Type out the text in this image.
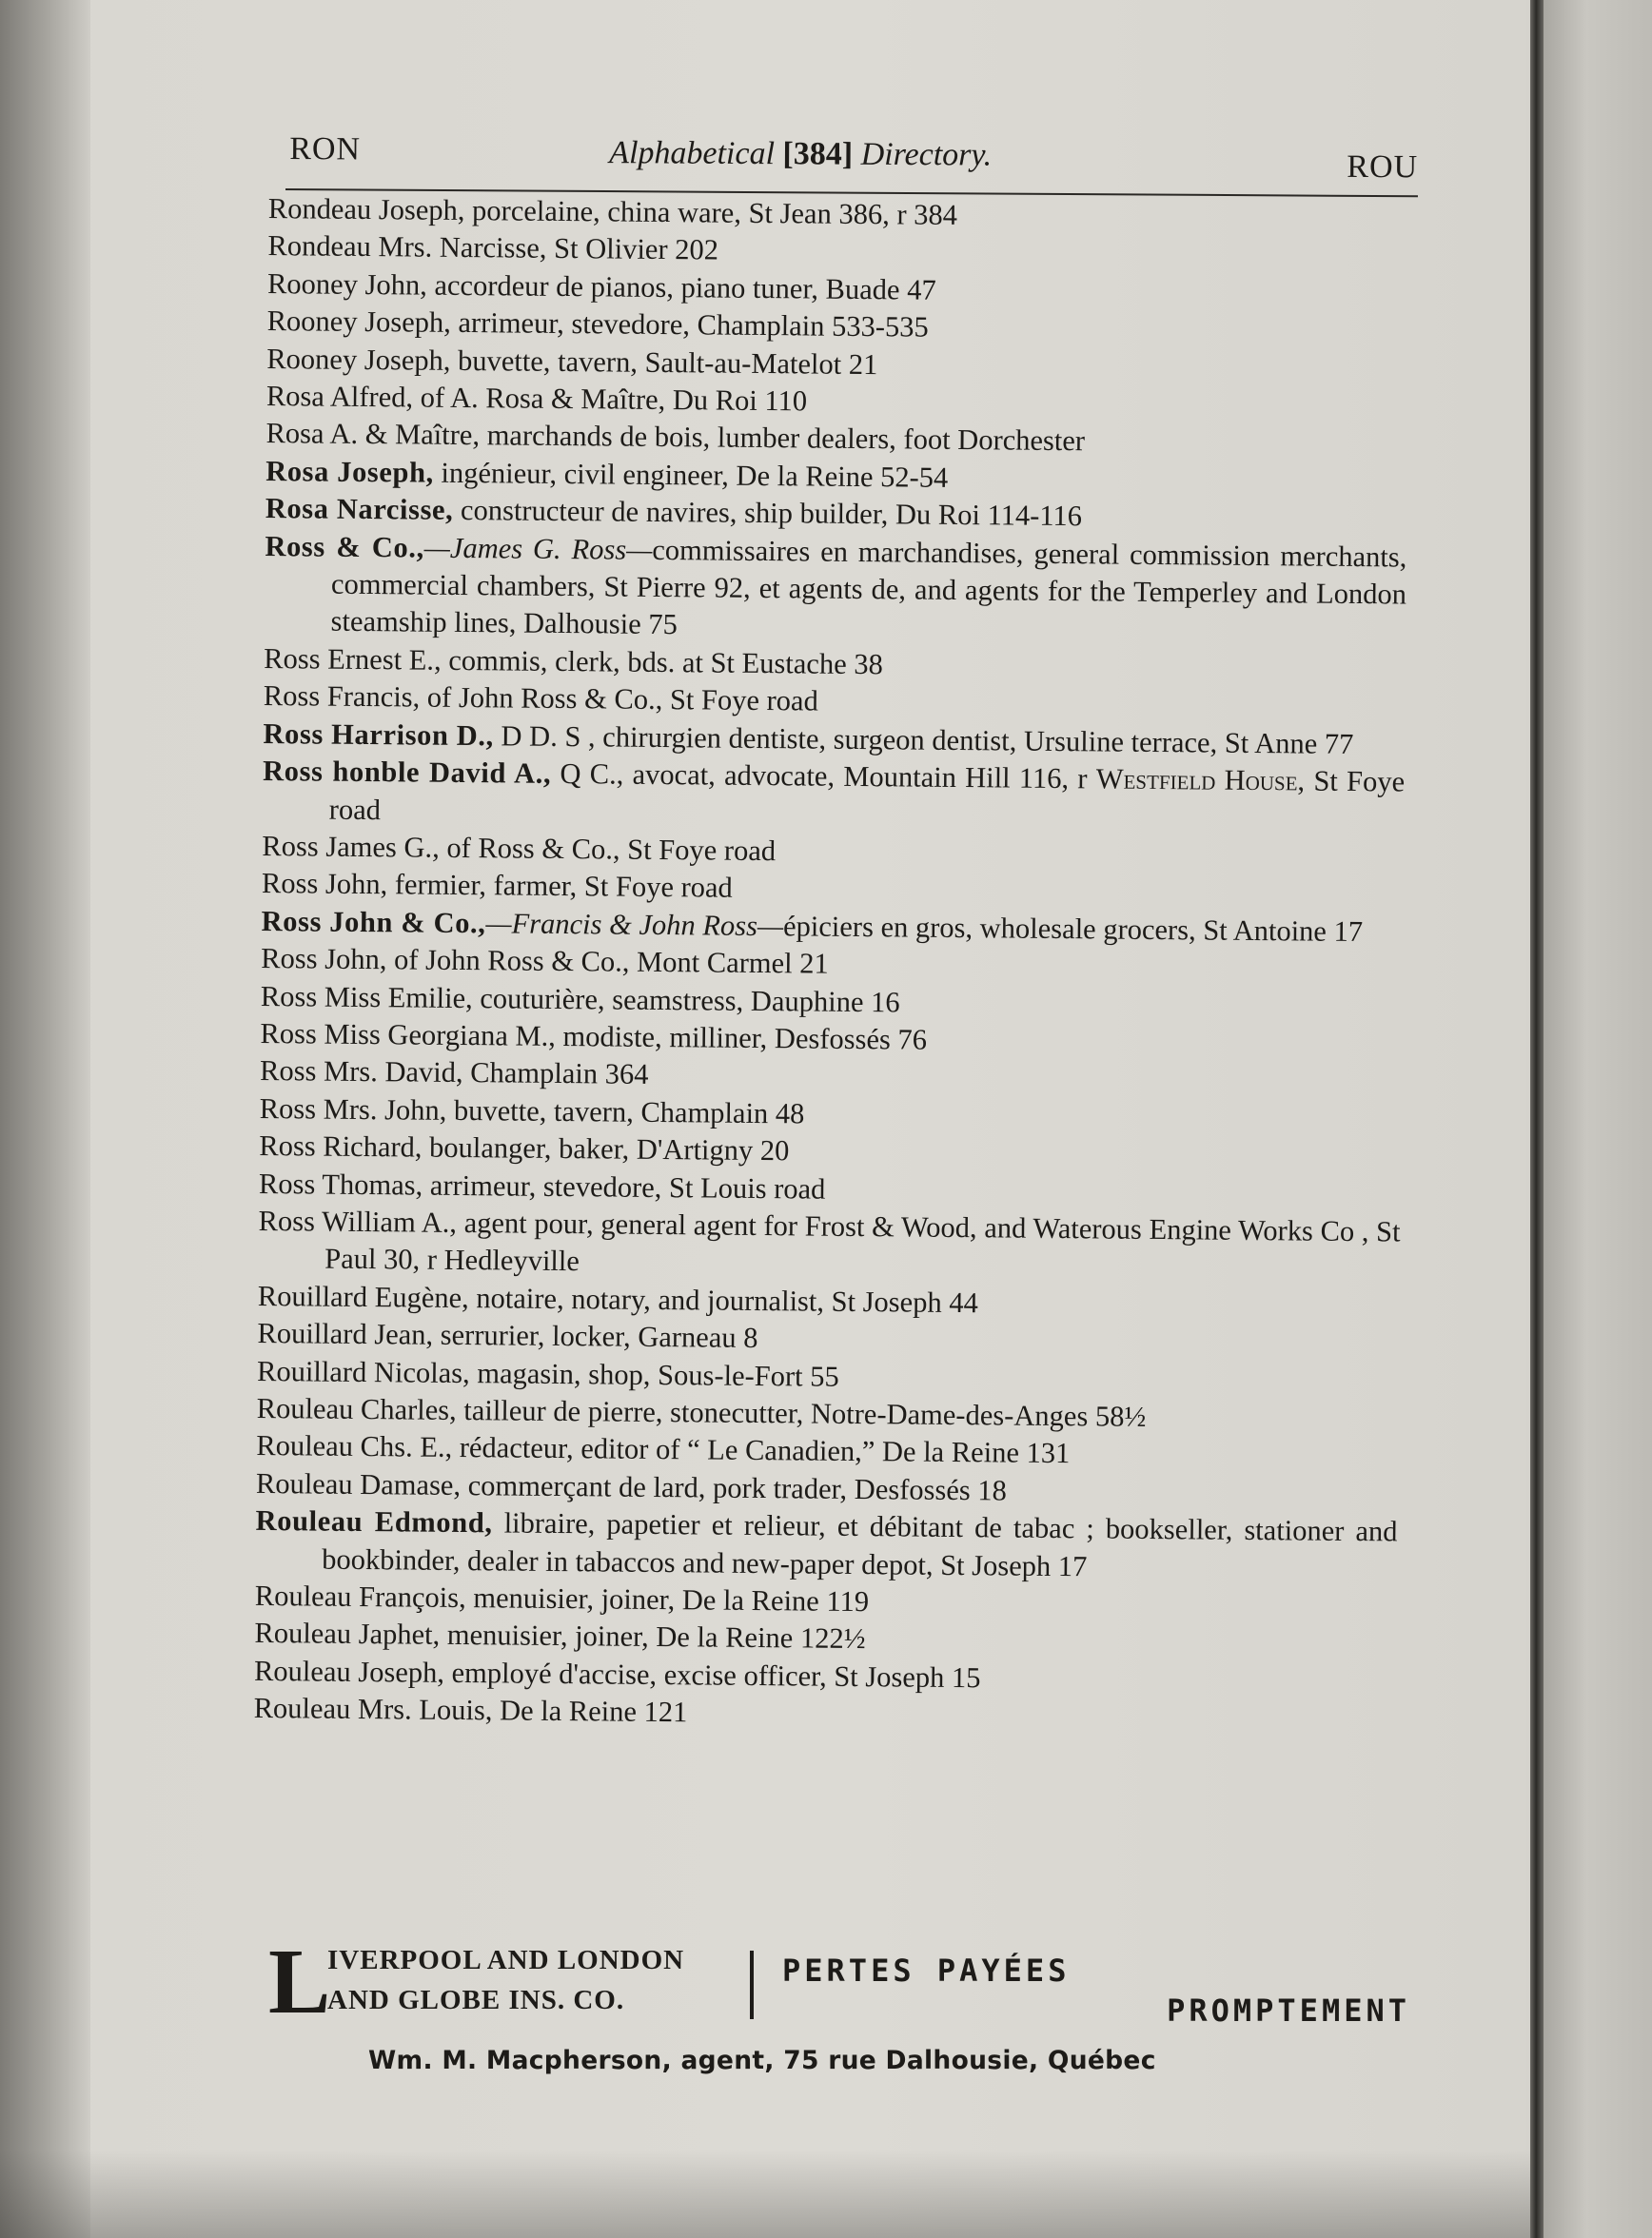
RON	Alphabetical [384] Directory.	ROU
Rondeau Joseph, porcelaine, china ware, St Jean 386, r 384
Rondeau Mrs. Narcisse, St Olivier 202
Rooney John, accordeur de pianos, piano tuner, Buade 47
Rooney Joseph, arrimeur, stevedore, Champlain 533-535
Rooney Joseph, buvette, tavern, Sault-au-Matelot 21
Rosa Alfred, of A. Rosa & Maître, Du Roi 110
Rosa A. & Maître, marchands de bois, lumber dealers, foot Dorchester
Rosa Joseph, ingénieur, civil engineer, De la Reine 52-54
Rosa Narcisse, constructeur de navires, ship builder, Du Roi 114-116
Ross & Co.,—James G. Ross—commissaires en marchandises, general commission merchants, commercial chambers, St Pierre 92, et agents de, and agents for the Temperley and London steamship lines, Dalhousie 75
Ross Ernest E., commis, clerk, bds. at St Eustache 38
Ross Francis, of John Ross & Co., St Foye road
Ross Harrison D., D D. S , chirurgien dentiste, surgeon dentist, Ursuline terrace, St Anne 77
Ross honble David A., Q C., avocat, advocate, Mountain Hill 116, r Westfield House, St Foye road
Ross James G., of Ross & Co., St Foye road
Ross John, fermier, farmer, St Foye road
Ross John & Co.,—Francis & John Ross—épiciers en gros, wholesale grocers, St Antoine 17
Ross John, of John Ross & Co., Mont Carmel 21
Ross Miss Emilie, couturière, seamstress, Dauphine 16
Ross Miss Georgiana M., modiste, milliner, Desfossés 76
Ross Mrs. David, Champlain 364
Ross Mrs. John, buvette, tavern, Champlain 48
Ross Richard, boulanger, baker, D'Artigny 20
Ross Thomas, arrimeur, stevedore, St Louis road
Ross William A., agent pour, general agent for Frost & Wood, and Waterous Engine Works Co , St Paul 30, r Hedleyville
Rouillard Eugène, notaire, notary, and journalist, St Joseph 44
Rouillard Jean, serrurier, locker, Garneau 8
Rouillard Nicolas, magasin, shop, Sous-le-Fort 55
Rouleau Charles, tailleur de pierre, stonecutter, Notre-Dame-des-Anges 58½
Rouleau Chs. E., rédacteur, editor of “ Le Canadien,” De la Reine 131
Rouleau Damase, commerçant de lard, pork trader, Desfossés 18
Rouleau Edmond, libraire, papetier et relieur, et débitant de tabac ; bookseller, stationer and bookbinder, dealer in tabaccos and new-paper depot, St Joseph 17
Rouleau François, menuisier, joiner, De la Reine 119
Rouleau Japhet, menuisier, joiner, De la Reine 122½
Rouleau Joseph, employé d'accise, excise officer, St Joseph 15
Rouleau Mrs. Louis, De la Reine 121
L
IVERPOOL AND LONDON
AND GLOBE INS. CO.
PERTES PAYÉES
PROMPTEMENT
Wm. M. Macpherson, agent, 75 rue Dalhousie, Québec
